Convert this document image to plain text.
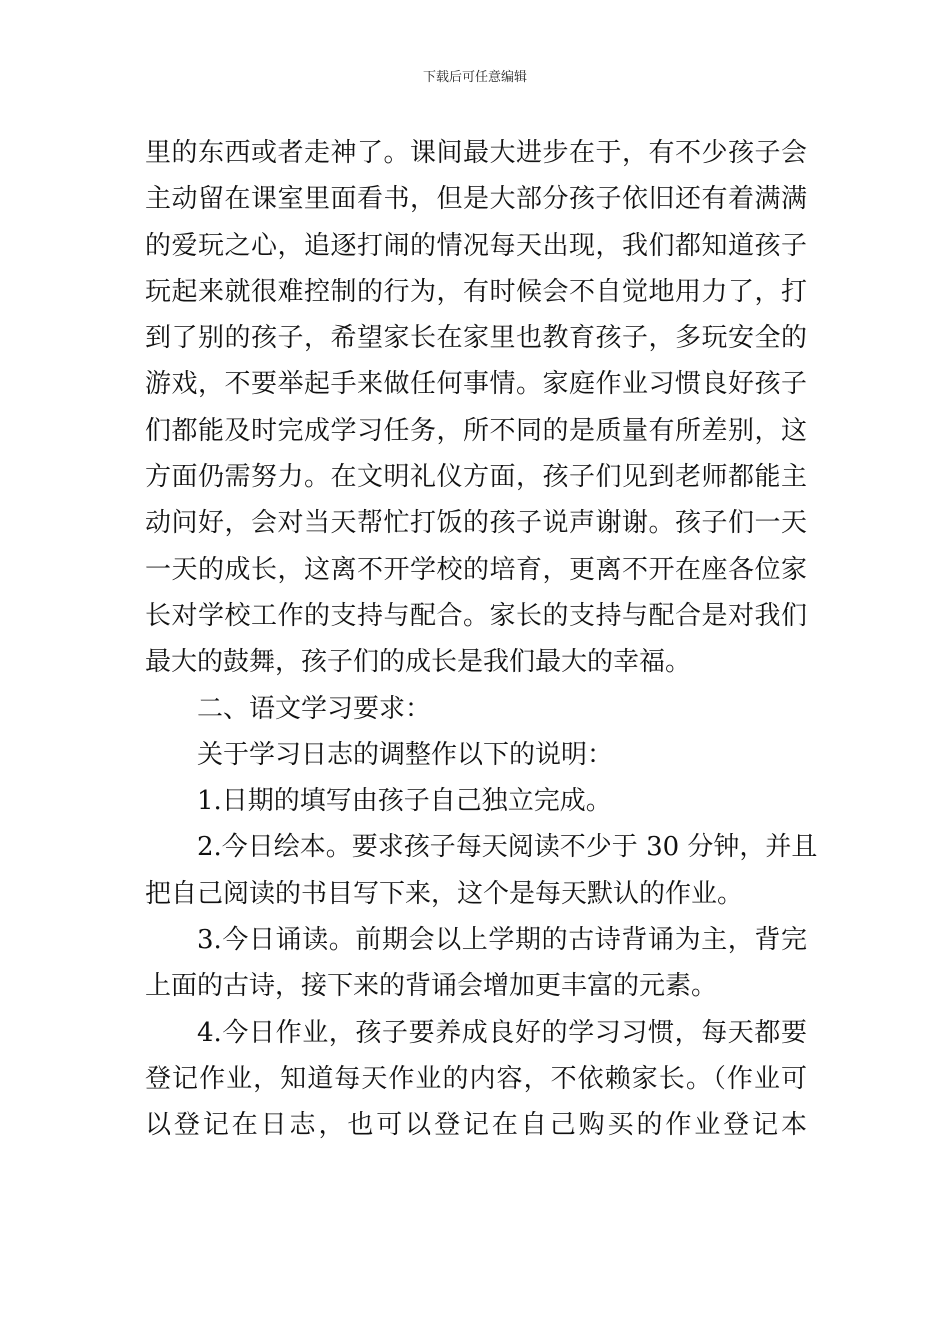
下载后可任意编辑
里的东西或者走神了。课间最大进步在于，有不少孩子会
主动留在课室里面看书，但是大部分孩子依旧还有着满满
的爱玩之心，追逐打闹的情况每天出现，我们都知道孩子
玩起来就很难控制的行为，有时候会不自觉地用力了，打
到了别的孩子，希望家长在家里也教育孩子，多玩安全的
游戏，不要举起手来做任何事情。家庭作业习惯良好孩子
们都能及时完成学习任务，所不同的是质量有所差别，这
方面仍需努力。在文明礼仪方面，孩子们见到老师都能主
动问好，会对当天帮忙打饭的孩子说声谢谢。孩子们一天
一天的成长，这离不开学校的培育，更离不开在座各位家
长对学校工作的支持与配合。家长的支持与配合是对我们
最大的鼓舞，孩子们的成长是我们最大的幸福。
二、语文学习要求：
关于学习日志的调整作以下的说明：
1.日期的填写由孩子自己独立完成。
2.今日绘本。要求孩子每天阅读不少于 30 分钟，并且
把自己阅读的书目写下来，这个是每天默认的作业。
3.今日诵读。前期会以上学期的古诗背诵为主，背完
上面的古诗，接下来的背诵会增加更丰富的元素。
4.今日作业，孩子要养成良好的学习习惯，每天都要
登记作业，知道每天作业的内容，不依赖家长。（作业可
以登记在日志，也可以登记在自己购买的作业登记本
